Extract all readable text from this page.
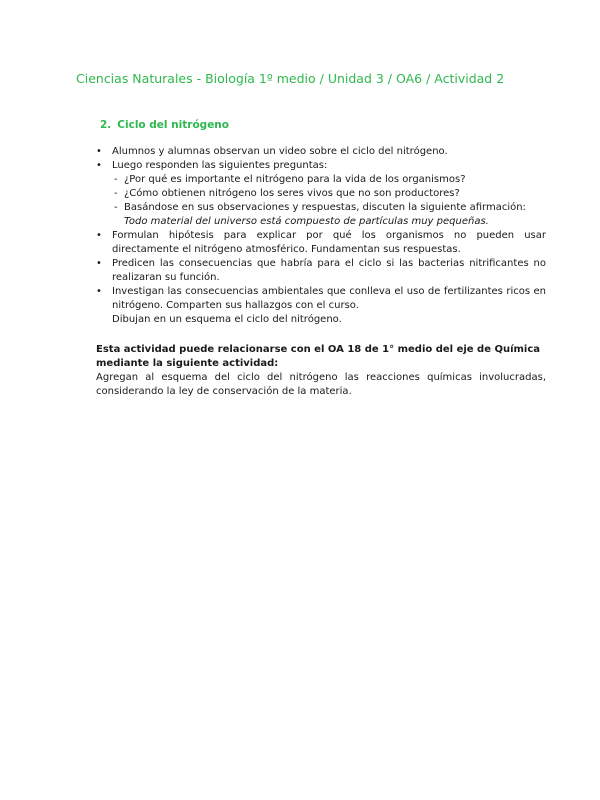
Ciencias Naturales - Biología 1º medio / Unidad 3 / OA6 / Actividad 2
2. Ciclo del nitrógeno
• Alumnos y alumnas observan un video sobre el ciclo del nitrógeno.
• Luego responden las siguientes preguntas:
- ¿Por qué es importante el nitrógeno para la vida de los organismos?
- ¿Cómo obtienen nitrógeno los seres vivos que no son productores?
- Basándose en sus observaciones y respuestas, discuten la siguiente afirmación:
Todo material del universo está compuesto de partículas muy pequeñas.
• Formulan hipótesis para explicar por qué los organismos no pueden usar directamente el nitrógeno atmosférico. Fundamentan sus respuestas.
• Predicen las consecuencias que habría para el ciclo si las bacterias nitrificantes no realizaran su función.
• Investigan las consecuencias ambientales que conlleva el uso de fertilizantes ricos en nitrógeno. Comparten sus hallazgos con el curso.
Dibujan en un esquema el ciclo del nitrógeno.
Esta actividad puede relacionarse con el OA 18 de 1° medio del eje de Química mediante la siguiente actividad:
Agregan al esquema del ciclo del nitrógeno las reacciones químicas involucradas, considerando la ley de conservación de la materia.
